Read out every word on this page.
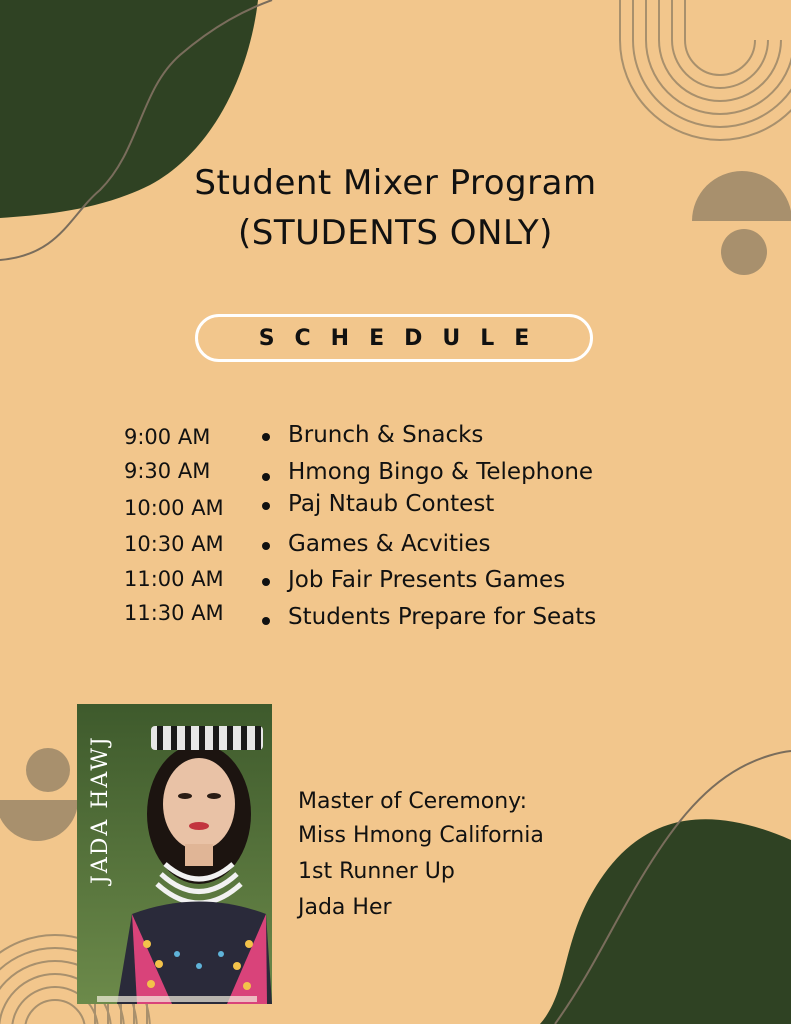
Student Mixer Program
(STUDENTS ONLY)
SCHEDULE
9:00 AM	Brunch & Snacks
9:30 AM	Hmong Bingo & Telephone
10:00 AM	Paj Ntaub Contest
10:30 AM	Games & Acvities
11:00 AM	Job Fair Presents Games
11:30 AM	Students Prepare for Seats
JADA HAWJ	Master of Ceremony:
Miss Hmong California
1st Runner Up
Jada Her
